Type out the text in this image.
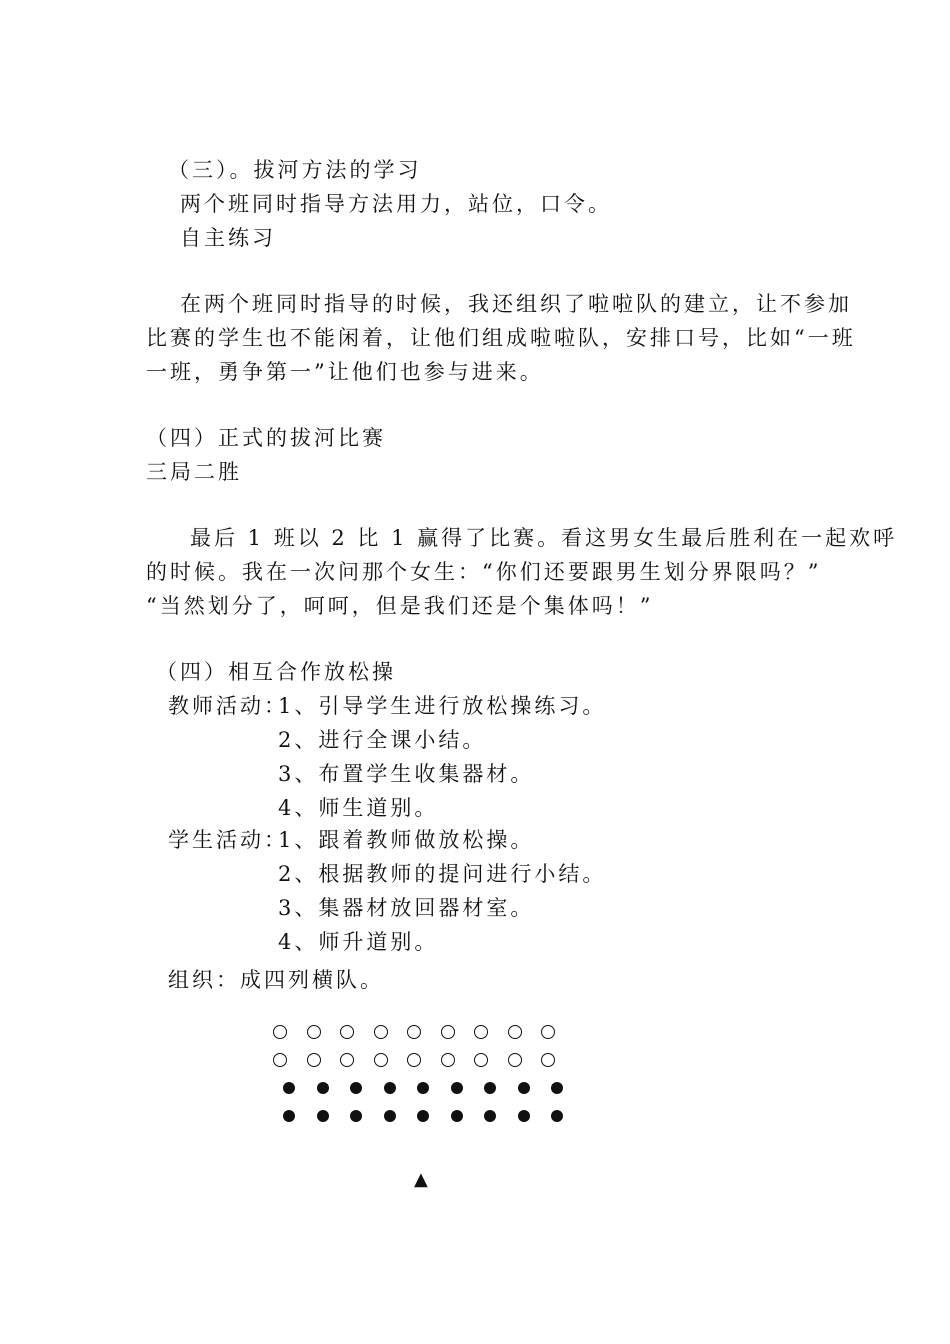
（三）。拔河方法的学习
两个班同时指导方法用力，站位，口令。
自主练习
在两个班同时指导的时候，我还组织了啦啦队的建立，让不参加
比赛的学生也不能闲着，让他们组成啦啦队，安排口号，比如“一班
一班，勇争第一”让他们也参与进来。
（四）正式的拔河比赛
三局二胜
最后 1 班以 2 比 1 赢得了比赛。看这男女生最后胜利在一起欢呼
的时候。我在一次问那个女生：“你们还要跟男生划分界限吗？”
“当然划分了，呵呵，但是我们还是个集体吗！”
（四）相互合作放松操
教师活动：
1、引导学生进行放松操练习。
2、进行全课小结。
3、布置学生收集器材。
4、师生道别。
学生活动：
1、跟着教师做放松操。
2、根据教师的提问进行小结。
3、集器材放回器材室。
4、师升道别。
组织：成四列横队。
▲
